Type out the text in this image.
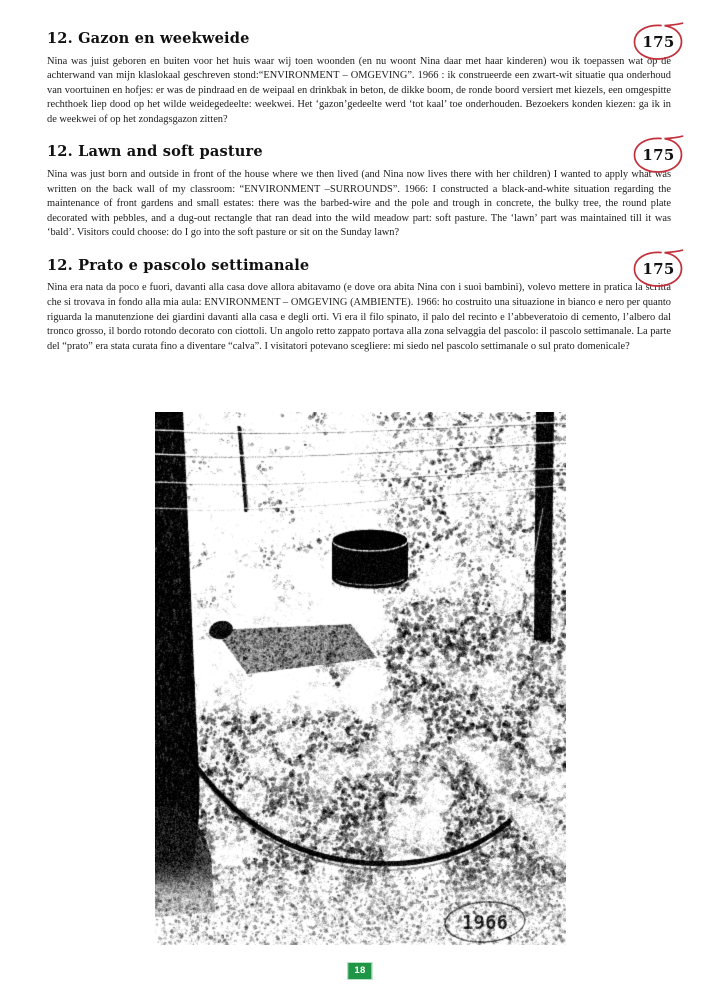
175
12. Gazon en weekweide

Nina was juist geboren en buiten voor het huis waar wij toen woonden (en nu woont Nina daar met haar kinderen) wou ik toepassen wat op de achterwand van mijn klaslokaal geschreven stond:“ENVIRONMENT – OMGEVING”. 1966 : ik construeerde een zwart-wit situatie qua onderhoud van voortuinen en hofjes: er was de pindraad en de weipaal en drinkbak in beton, de dikke boom, de ronde boord versiert met kiezels, een omgespitte rechthoek liep dood op het wilde weidegedeelte: weekwei. Het ‘gazon’gedeelte werd ‘tot kaal’ toe onderhouden. Bezoekers konden kiezen: ga ik in de weekwei of op het zondagsgazon zitten?

175
12. Lawn and soft pasture

Nina was just born and outside in front of the house where we then lived (and Nina now lives there with her children) I wanted to apply what was written on the back wall of my classroom: “ENVIRONMENT –SURROUNDS”. 1966: I constructed a black-and-white situation regarding the maintenance of front gardens and small estates: there was the barbed-wire and the pole and trough in concrete, the bulky tree, the round plate decorated with pebbles, and a dug-out rectangle that ran dead into the wild meadow part: soft pasture. The ‘lawn’ part was maintained till it was ‘bald’. Visitors could choose: do I go into the soft pasture or sit on the Sunday lawn?

175
12. Prato e pascolo settimanale

Nina era nata da poco e fuori, davanti alla casa dove allora abitavamo (e dove ora abita Nina con i suoi bambini), volevo mettere in pratica la scritta che si trovava in fondo alla mia aula: ENVIRONMENT – OMGEVING (AMBIENTE). 1966: ho costruito una situazione in bianco e nero per quanto riguarda la manutenzione dei giardini davanti alla casa e degli orti. Vi era il filo spinato, il palo del recinto e l’abbeveratoio di cemento, l’albero dal tronco grosso, il bordo rotondo decorato con ciottoli. Un angolo retto zappato portava alla zona selvaggia del pascolo: il pascolo settimanale. La parte del “prato” era stata curata fino a diventare “calva”. I visitatori potevano scegliere: mi siedo nel pascolo settimanale o sul prato domenicale?

18
